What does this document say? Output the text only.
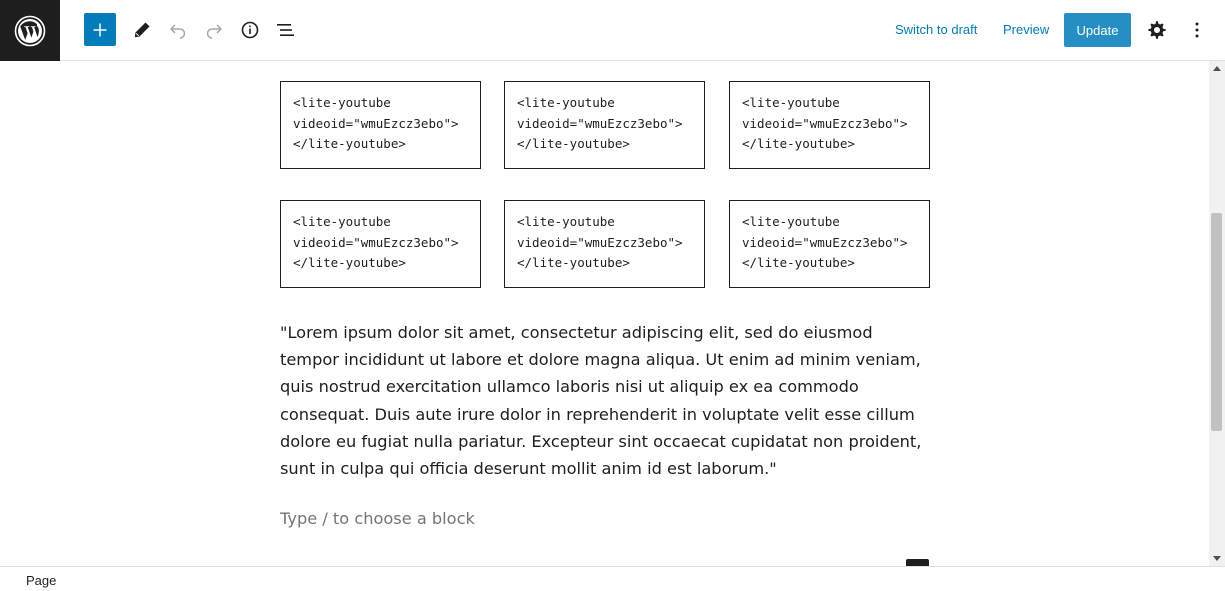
Switch to draft Preview	Update
<lite-youtube
videoid="wmuEzcz3ebo">
</lite-youtube>
<lite-youtube
videoid="wmuEzcz3ebo">
</lite-youtube>
<lite-youtube
videoid="wmuEzcz3ebo">
</lite-youtube>
<lite-youtube
videoid="wmuEzcz3ebo">
</lite-youtube>
<lite-youtube
videoid="wmuEzcz3ebo">
</lite-youtube>
<lite-youtube
videoid="wmuEzcz3ebo">
</lite-youtube>

"Lorem ipsum dolor sit amet, consectetur adipiscing elit, sed do eiusmod tempor incididunt ut labore et dolore magna aliqua. Ut enim ad minim veniam, quis nostrud exercitation ullamco laboris nisi ut aliquip ex ea commodo consequat. Duis aute irure dolor in reprehenderit in voluptate velit esse cillum dolore eu fugiat nulla pariatur. Excepteur sint occaecat cupidatat non proident, sunt in culpa qui officia deserunt mollit anim id est laborum."

Type / to choose a block
Page
